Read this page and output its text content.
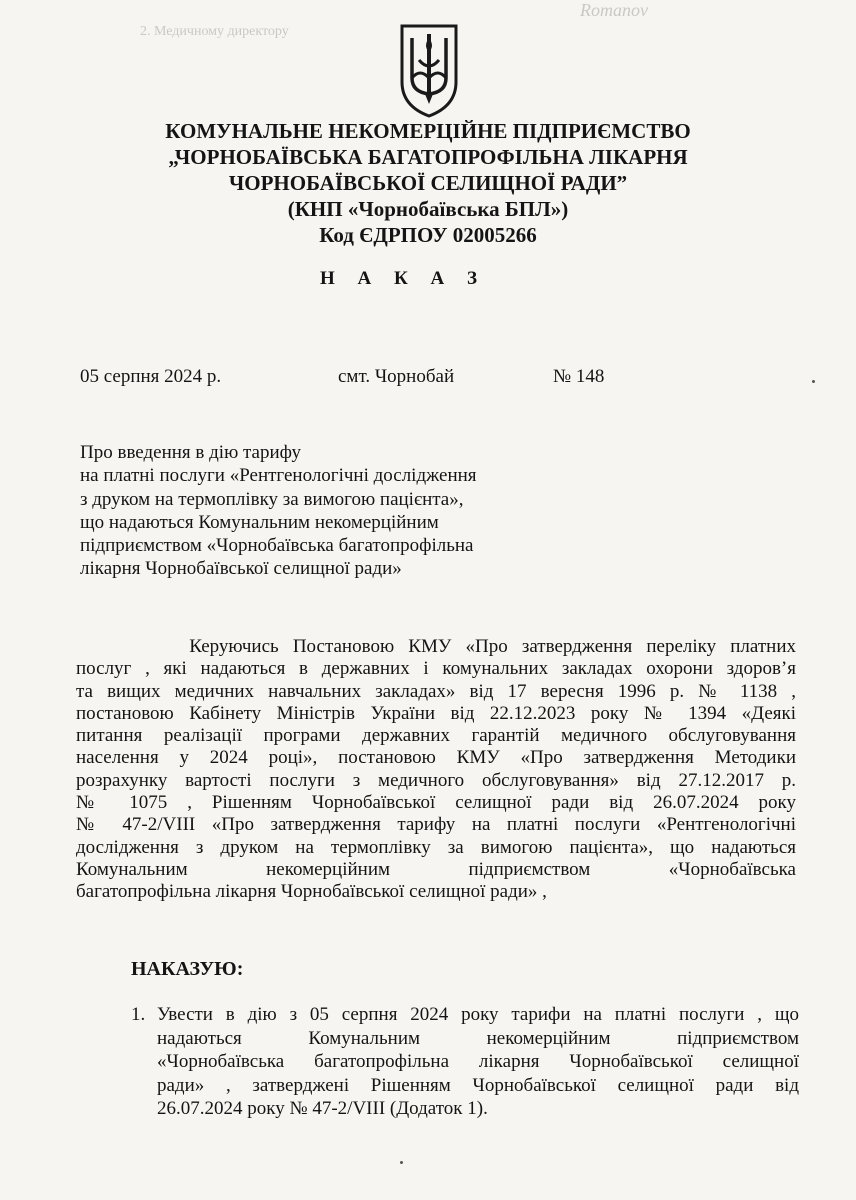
2. Медичному директору
Romanov
КОМУНАЛЬНЕ НЕКОМЕРЦІЙНЕ ПІДПРИЄМСТВО
„ЧОРНОБАЇВСЬКА БАГАТОПРОФІЛЬНА ЛІКАРНЯ
ЧОРНОБАЇВСЬКОЇ СЕЛИЩНОЇ РАДИ”
(КНП «Чорнобаївська БПЛ»)
Код ЄДРПОУ 02005266
Н А К А З
05 серпня 2024 р.	смт. Чорнобай	№ 148
Про введення в дію тарифу
на платні послуги «Рентгенологічні дослідження
з друком на термоплівку за вимогою пацієнта»,
що надаються Комунальним некомерційним
підприємством «Чорнобаївська багатопрофільна
лікарня Чорнобаївської селищної ради»
Керуючись Постановою КМУ «Про затвердження переліку платних
послуг , які надаються в державних і комунальних закладах охорони здоров’я
та вищих медичних навчальних закладах» від 17 вересня 1996 р. № 1138 ,
постановою Кабінету Міністрів України від 22.12.2023 року № 1394 «Деякі
питання реалізації програми державних гарантій медичного обслуговування
населення у 2024 році», постановою КМУ «Про затвердження Методики
розрахунку вартості послуги з медичного обслуговування» від 27.12.2017 р.
№ 1075 , Рішенням Чорнобаївської селищної ради від 26.07.2024 року
№ 47-2/VIII «Про затвердження тарифу на платні послуги «Рентгенологічні
дослідження з друком на термоплівку за вимогою пацієнта», що надаються
Комунальним некомерційним підприємством «Чорнобаївська
багатопрофільна лікарня Чорнобаївської селищної ради» ,
НАКАЗУЮ:
1. Увести в дію з 05 серпня 2024 року тарифи на платні послуги , що
надаються Комунальним некомерційним підприємством
«Чорнобаївська багатопрофільна лікарня Чорнобаївської селищної
ради» , затверджені Рішенням Чорнобаївської селищної ради від
26.07.2024 року № 47-2/VIII (Додаток 1).
